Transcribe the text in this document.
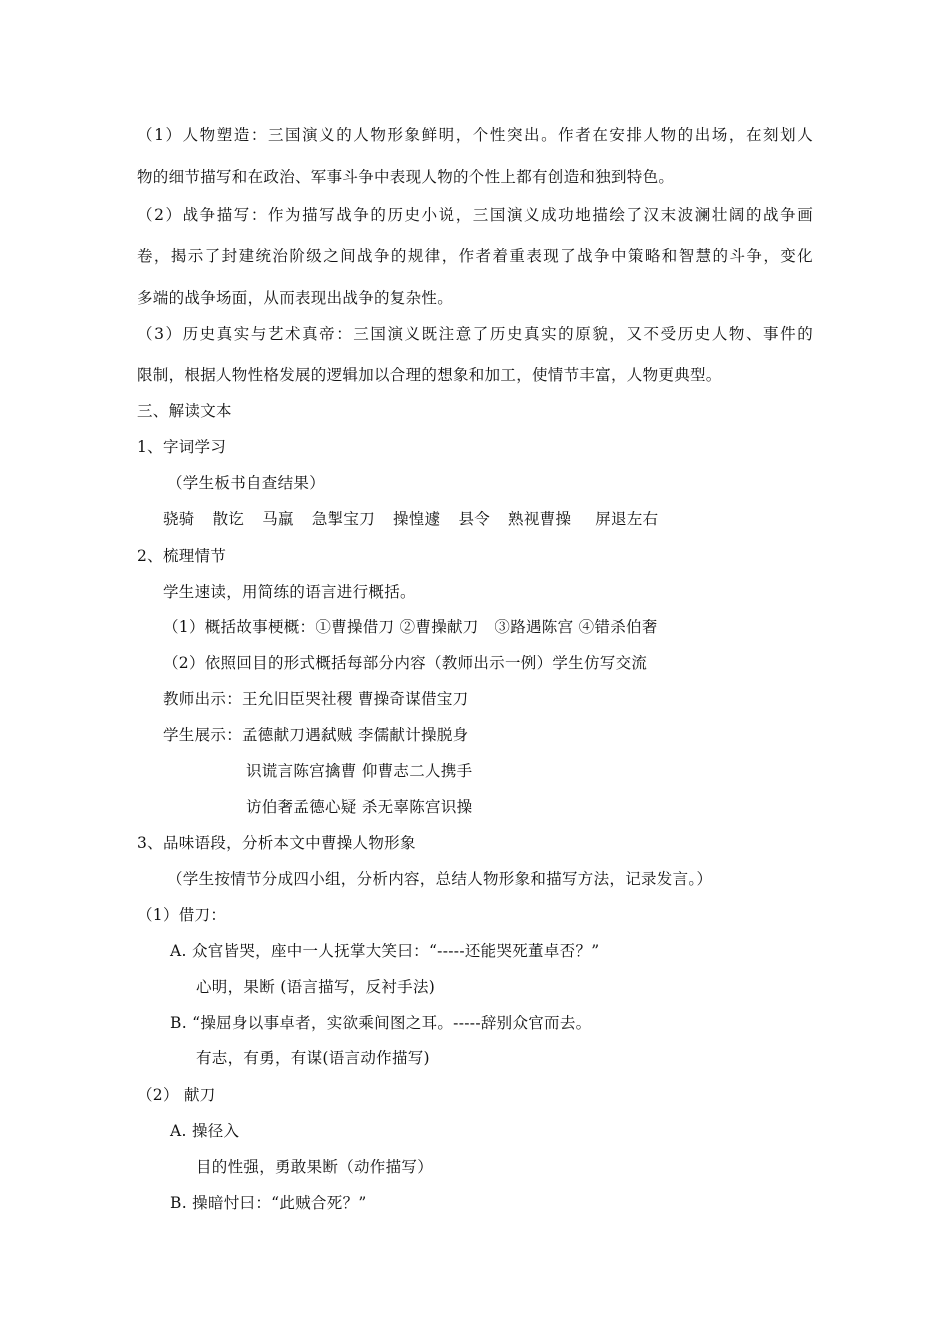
（1）人物塑造：三国演义的人物形象鲜明，个性突出。作者在安排人物的出场，在刻划人
物的细节描写和在政治、军事斗争中表现人物的个性上都有创造和独到特色。
（2）战争描写：作为描写战争的历史小说，三国演义成功地描绘了汉末波澜壮阔的战争画
卷，揭示了封建统治阶级之间战争的规律，作者着重表现了战争中策略和智慧的斗争，变化
多端的战争场面，从而表现出战争的复杂性。
（3）历史真实与艺术真帝：三国演义既注意了历史真实的原貌，又不受历史人物、事件的
限制，根据人物性格发展的逻辑加以合理的想象和加工，使情节丰富，人物更典型。
三、解读文本
1、字词学习
（学生板书自查结果）
骁骑 散讫 马羸 急掣宝刀 操惶遽 县令 熟视曹操 屏退左右
2、梳理情节
学生速读，用简练的语言进行概括。
（1）概括故事梗概：①曹操借刀 ②曹操献刀　③路遇陈宫 ④错杀伯奢
（2）依照回目的形式概括每部分内容（教师出示一例）学生仿写交流
教师出示：王允旧臣哭社稷 曹操奇谋借宝刀
学生展示：孟德献刀遇弑贼 李儒献计操脱身
识谎言陈宫擒曹 仰曹志二人携手
访伯奢孟德心疑 杀无辜陈宫识操
3、品味语段，分析本文中曹操人物形象
（学生按情节分成四小组，分析内容，总结人物形象和描写方法，记录发言。）
（1）借刀：
A. 众官皆哭，座中一人抚掌大笑曰：“-----还能哭死董卓否？”
心明，果断 (语言描写，反衬手法)
B. “操屈身以事卓者，实欲乘间图之耳。-----辞别众官而去。
有志，有勇，有谋(语言动作描写)
（2） 献刀
A. 操径入
目的性强，勇敢果断（动作描写）
B. 操暗忖曰：“此贼合死？”
